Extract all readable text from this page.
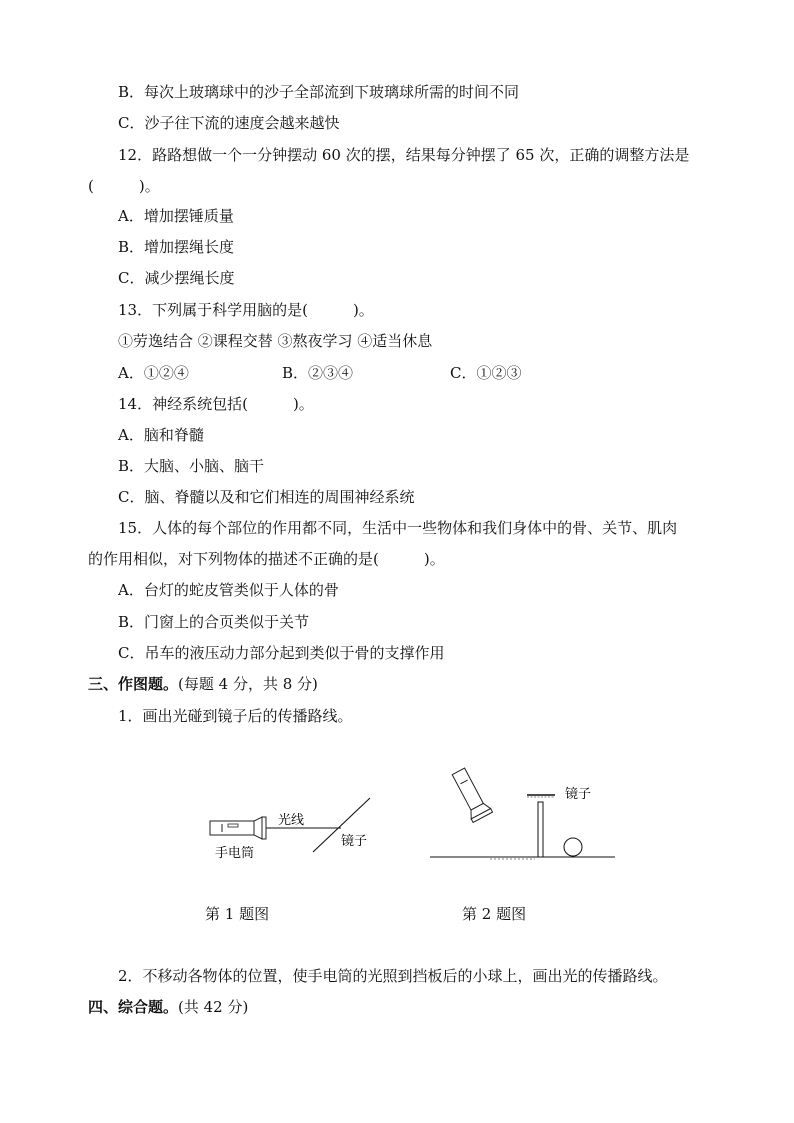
B．每次上玻璃球中的沙子全部流到下玻璃球所需的时间不同
C．沙子往下流的速度会越来越快
12．路路想做一个一分钟摆动 60 次的摆，结果每分钟摆了 65 次，正确的调整方法是
(　　　)。
A．增加摆锤质量
B．增加摆绳长度
C．减少摆绳长度
13．下列属于科学用脑的是(　　　)。
①劳逸结合 ②课程交替 ③熬夜学习 ④适当休息
A．①②④	B．②③④	C．①②③
14．神经系统包括(　　　)。
A．脑和脊髓
B．大脑、小脑、脑干
C．脑、脊髓以及和它们相连的周围神经系统
15．人体的每个部位的作用都不同，生活中一些物体和我们身体中的骨、关节、肌肉
的作用相似，对下列物体的描述不正确的是(　　　)。
A．台灯的蛇皮管类似于人体的骨
B．门窗上的合页类似于关节
C．吊车的液压动力部分起到类似于骨的支撑作用
三、作图题。(每题 4 分，共 8 分)
1．画出光碰到镜子后的传播路线。
光线
镜子
手电筒
镜子
第 1 题图	第 2 题图
2．不移动各物体的位置，使手电筒的光照到挡板后的小球上，画出光的传播路线。
四、综合题。(共 42 分)
